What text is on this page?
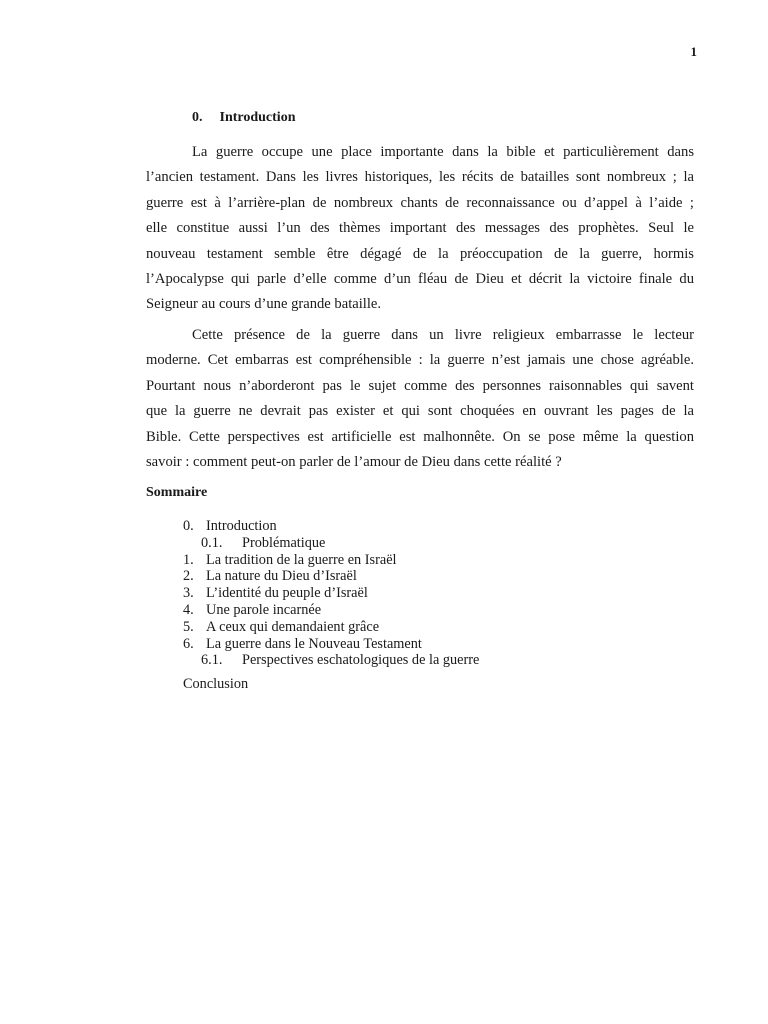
1
0. Introduction
La guerre occupe une place importante dans la bible et particulièrement dans
l’ancien testament. Dans les livres historiques, les récits de batailles sont nombreux ; la
guerre est à l’arrière-plan de nombreux chants de reconnaissance ou d’appel à l’aide ;
elle constitue aussi l’un des thèmes important des messages des prophètes. Seul le
nouveau testament semble être dégagé de la préoccupation de la guerre, hormis
l’Apocalypse qui parle d’elle comme d’un fléau de Dieu et décrit la victoire finale du
Seigneur au cours d’une grande bataille.
Cette présence de la guerre dans un livre religieux embarrasse le lecteur
moderne. Cet embarras est compréhensible : la guerre n’est jamais une chose agréable.
Pourtant nous n’aborderont pas le sujet comme des personnes raisonnables qui savent
que la guerre ne devrait pas exister et qui sont choquées en ouvrant les pages de la
Bible. Cette perspectives est artificielle est malhonnête. On se pose même la question
savoir : comment peut-on parler de l’amour de Dieu dans cette réalité ?
Sommaire
0. Introduction
0.1. Problématique
1. La tradition de la guerre en Israël
2. La nature du Dieu d’Israël
3. L’identité du peuple d’Israël
4. Une parole incarnée
5. A ceux qui demandaient grâce
6. La guerre dans le Nouveau Testament
6.1. Perspectives eschatologiques de la guerre
Conclusion
